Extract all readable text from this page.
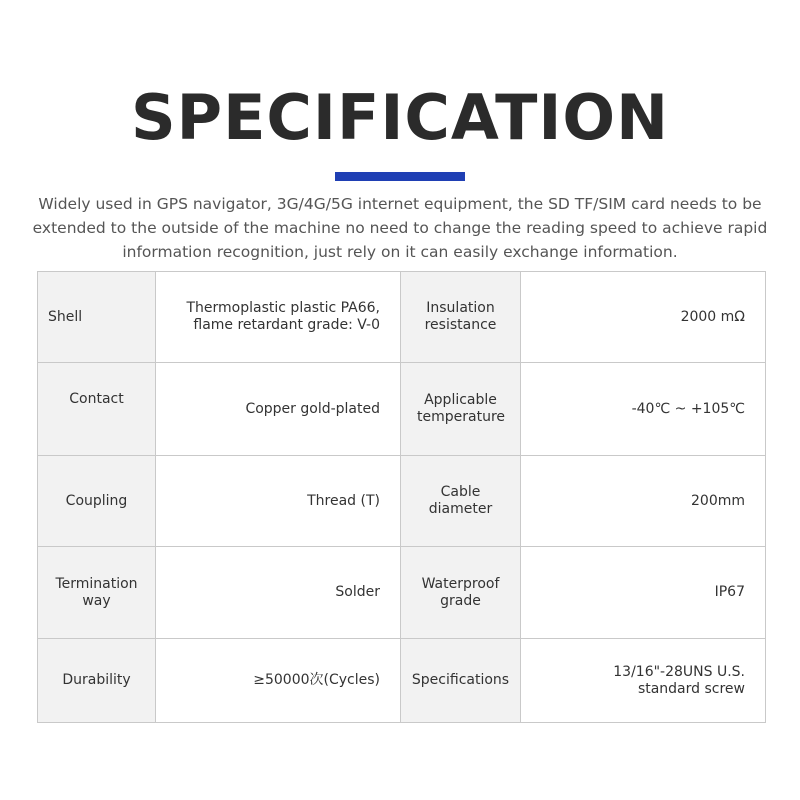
SPECIFICATION
Widely used in GPS navigator, 3G/4G/5G internet equipment, the SD TF/SIM card needs to be extended to the outside of the machine no need to change the reading speed to achieve rapid information recognition, just rely on it can easily exchange information.
Shell	Thermoplastic plastic PA66, flame retardant grade: V-0	Insulation resistance	2000 mΩ
Contact	Copper gold-plated	Applicable temperature	-40℃ ~ +105℃
Coupling	Thread (T)	Cable diameter	200mm
Termination way	Solder	Waterproof grade	IP67
Durability	≥50000次(Cycles)	Specifications	13/16"-28UNS U.S. standard screw
